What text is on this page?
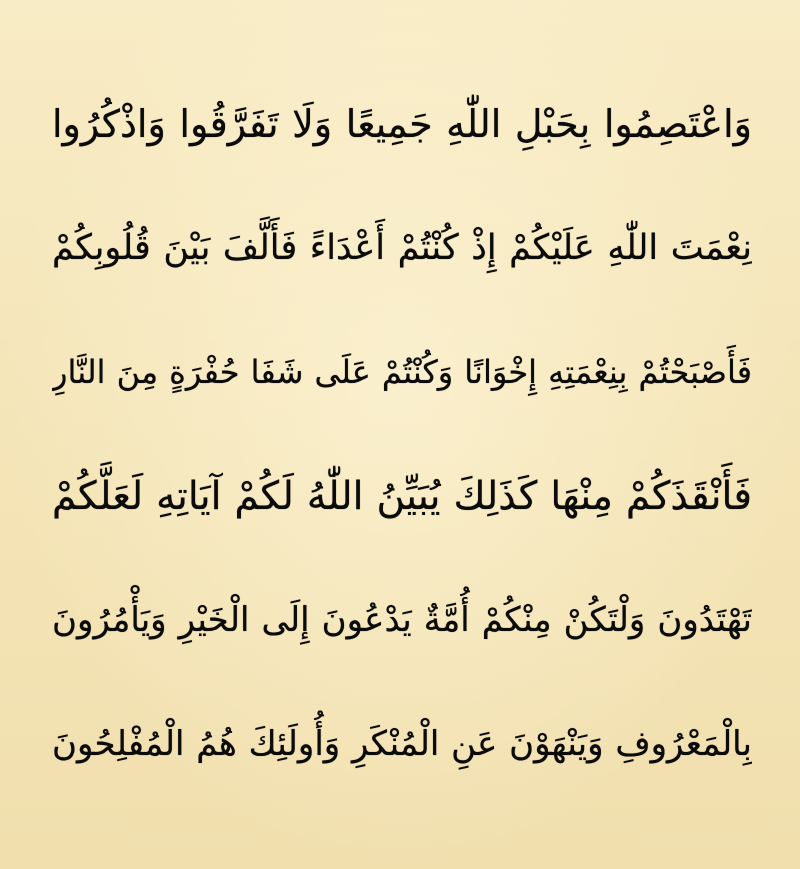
وَاعْتَصِمُوا بِحَبْلِ اللّٰهِ جَمِيعًا وَلَا تَفَرَّقُوا وَاذْكُرُوا
نِعْمَتَ اللّٰهِ عَلَيْكُمْ إِذْ كُنْتُمْ أَعْدَاءً فَأَلَّفَ بَيْنَ قُلُوبِكُمْ
فَأَصْبَحْتُمْ بِنِعْمَتِهِ إِخْوَانًا وَكُنْتُمْ عَلَى شَفَا حُفْرَةٍ مِنَ النَّارِ
فَأَنْقَذَكُمْ مِنْهَا كَذَلِكَ يُبَيِّنُ اللّٰهُ لَكُمْ آيَاتِهِ لَعَلَّكُمْ
تَهْتَدُونَ وَلْتَكُنْ مِنْكُمْ أُمَّةٌ يَدْعُونَ إِلَى الْخَيْرِ وَيَأْمُرُونَ
بِالْمَعْرُوفِ وَيَنْهَوْنَ عَنِ الْمُنْكَرِ وَأُولَئِكَ هُمُ الْمُفْلِحُونَ
